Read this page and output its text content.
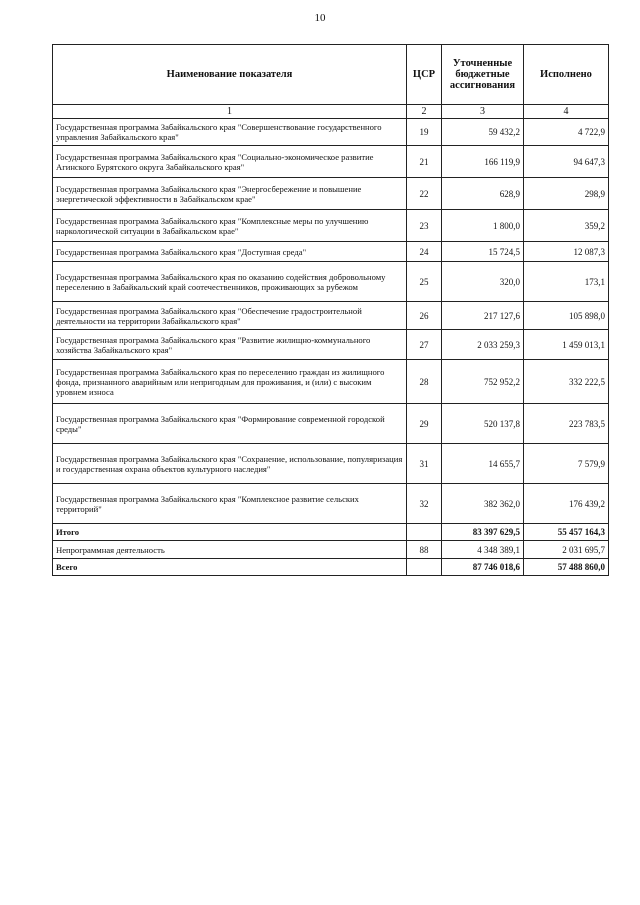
10
Наименование показателя	ЦСР	Уточненные бюджетные ассигнования	Исполнено
1	2	3	4
Государственная программа Забайкальского края "Совершенствование государственного управления Забайкальского края"	19	59 432,2	4 722,9
Государственная программа Забайкальского края "Социально-экономическое развитие Агинского Бурятского округа Забайкальского края"	21	166 119,9	94 647,3
Государственная программа Забайкальского края "Энергосбережение и повышение энергетической эффективности в Забайкальском крае"	22	628,9	298,9
Государственная программа Забайкальского края "Комплексные меры по улучшению наркологической ситуации в Забайкальском крае"	23	1 800,0	359,2
Государственная программа Забайкальского края "Доступная среда"	24	15 724,5	12 087,3
Государственная программа Забайкальского края по оказанию содействия добровольному переселению в Забайкальский край соотечественников, проживающих за рубежом	25	320,0	173,1
Государственная программа Забайкальского края "Обеспечение градостроительной деятельности на территории Забайкальского края"	26	217 127,6	105 898,0
Государственная программа Забайкальского края "Развитие жилищно-коммунального хозяйства Забайкальского края"	27	2 033 259,3	1 459 013,1
Государственная программа Забайкальского края по переселению граждан из жилищного фонда, признанного аварийным или непригодным для проживания, и (или) с высоким уровнем износа	28	752 952,2	332 222,5
Государственная программа Забайкальского края "Формирование современной городской среды"	29	520 137,8	223 783,5
Государственная программа Забайкальского края "Сохранение, использование, популяризация и государственная охрана объектов культурного наследия"	31	14 655,7	7 579,9
Государственная программа Забайкальского края "Комплексное развитие сельских территорий"	32	382 362,0	176 439,2
Итого		83 397 629,5	55 457 164,3
Непрограммная деятельность	88	4 348 389,1	2 031 695,7
Всего		87 746 018,6	57 488 860,0
